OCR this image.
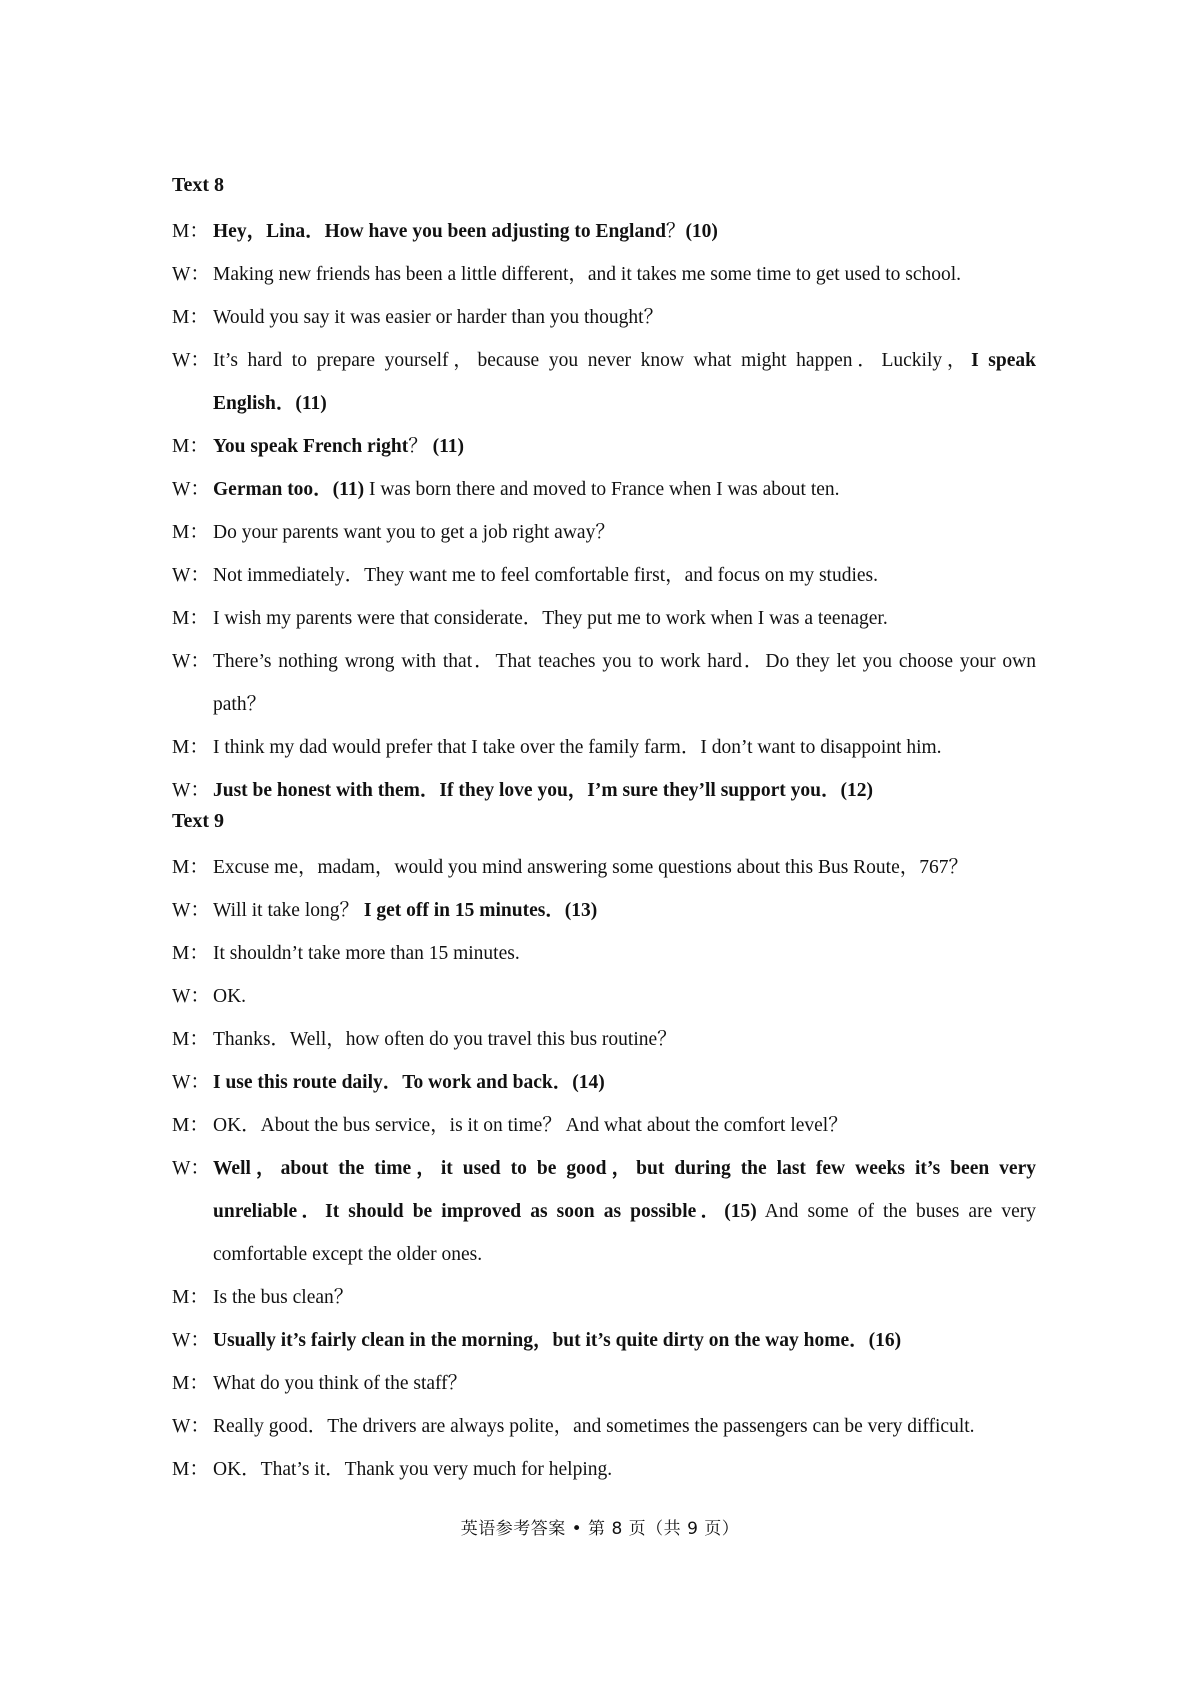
Text 8
M： Hey，Lina．How have you been adjusting to England？(10)
W： Making new friends has been a little different，and it takes me some time to get used to school.
M： Would you say it was easier or harder than you thought？
W： It’s hard to prepare yourself，because you never know what might happen．Luckily，I speak English．(11)
M： You speak French right？ (11)
W： German too．(11) I was born there and moved to France when I was about ten.
M： Do your parents want you to get a job right away？
W： Not immediately．They want me to feel comfortable first，and focus on my studies.
M： I wish my parents were that considerate．They put me to work when I was a teenager.
W： There’s nothing wrong with that．That teaches you to work hard．Do they let you choose your own path？
M： I think my dad would prefer that I take over the family farm．I don’t want to disappoint him.
W： Just be honest with them．If they love you，I’m sure they’ll support you．(12)
Text 9
M： Excuse me，madam，would you mind answering some questions about this Bus Route，767？
W： Will it take long？ I get off in 15 minutes．(13)
M： It shouldn’t take more than 15 minutes.
W： OK.
M： Thanks．Well，how often do you travel this bus routine？
W： I use this route daily．To work and back．(14)
M： OK．About the bus service，is it on time？ And what about the comfort level？
W： Well，about the time，it used to be good，but during the last few weeks it’s been very unreliable．It should be improved as soon as possible．(15) And some of the buses are very comfortable except the older ones.
M： Is the bus clean？
W： Usually it’s fairly clean in the morning，but it’s quite dirty on the way home．(16)
M： What do you think of the staff？
W： Really good．The drivers are always polite，and sometimes the passengers can be very difficult.
M： OK．That’s it．Thank you very much for helping.
英语参考答案 • 第 8 页（共 9 页）
